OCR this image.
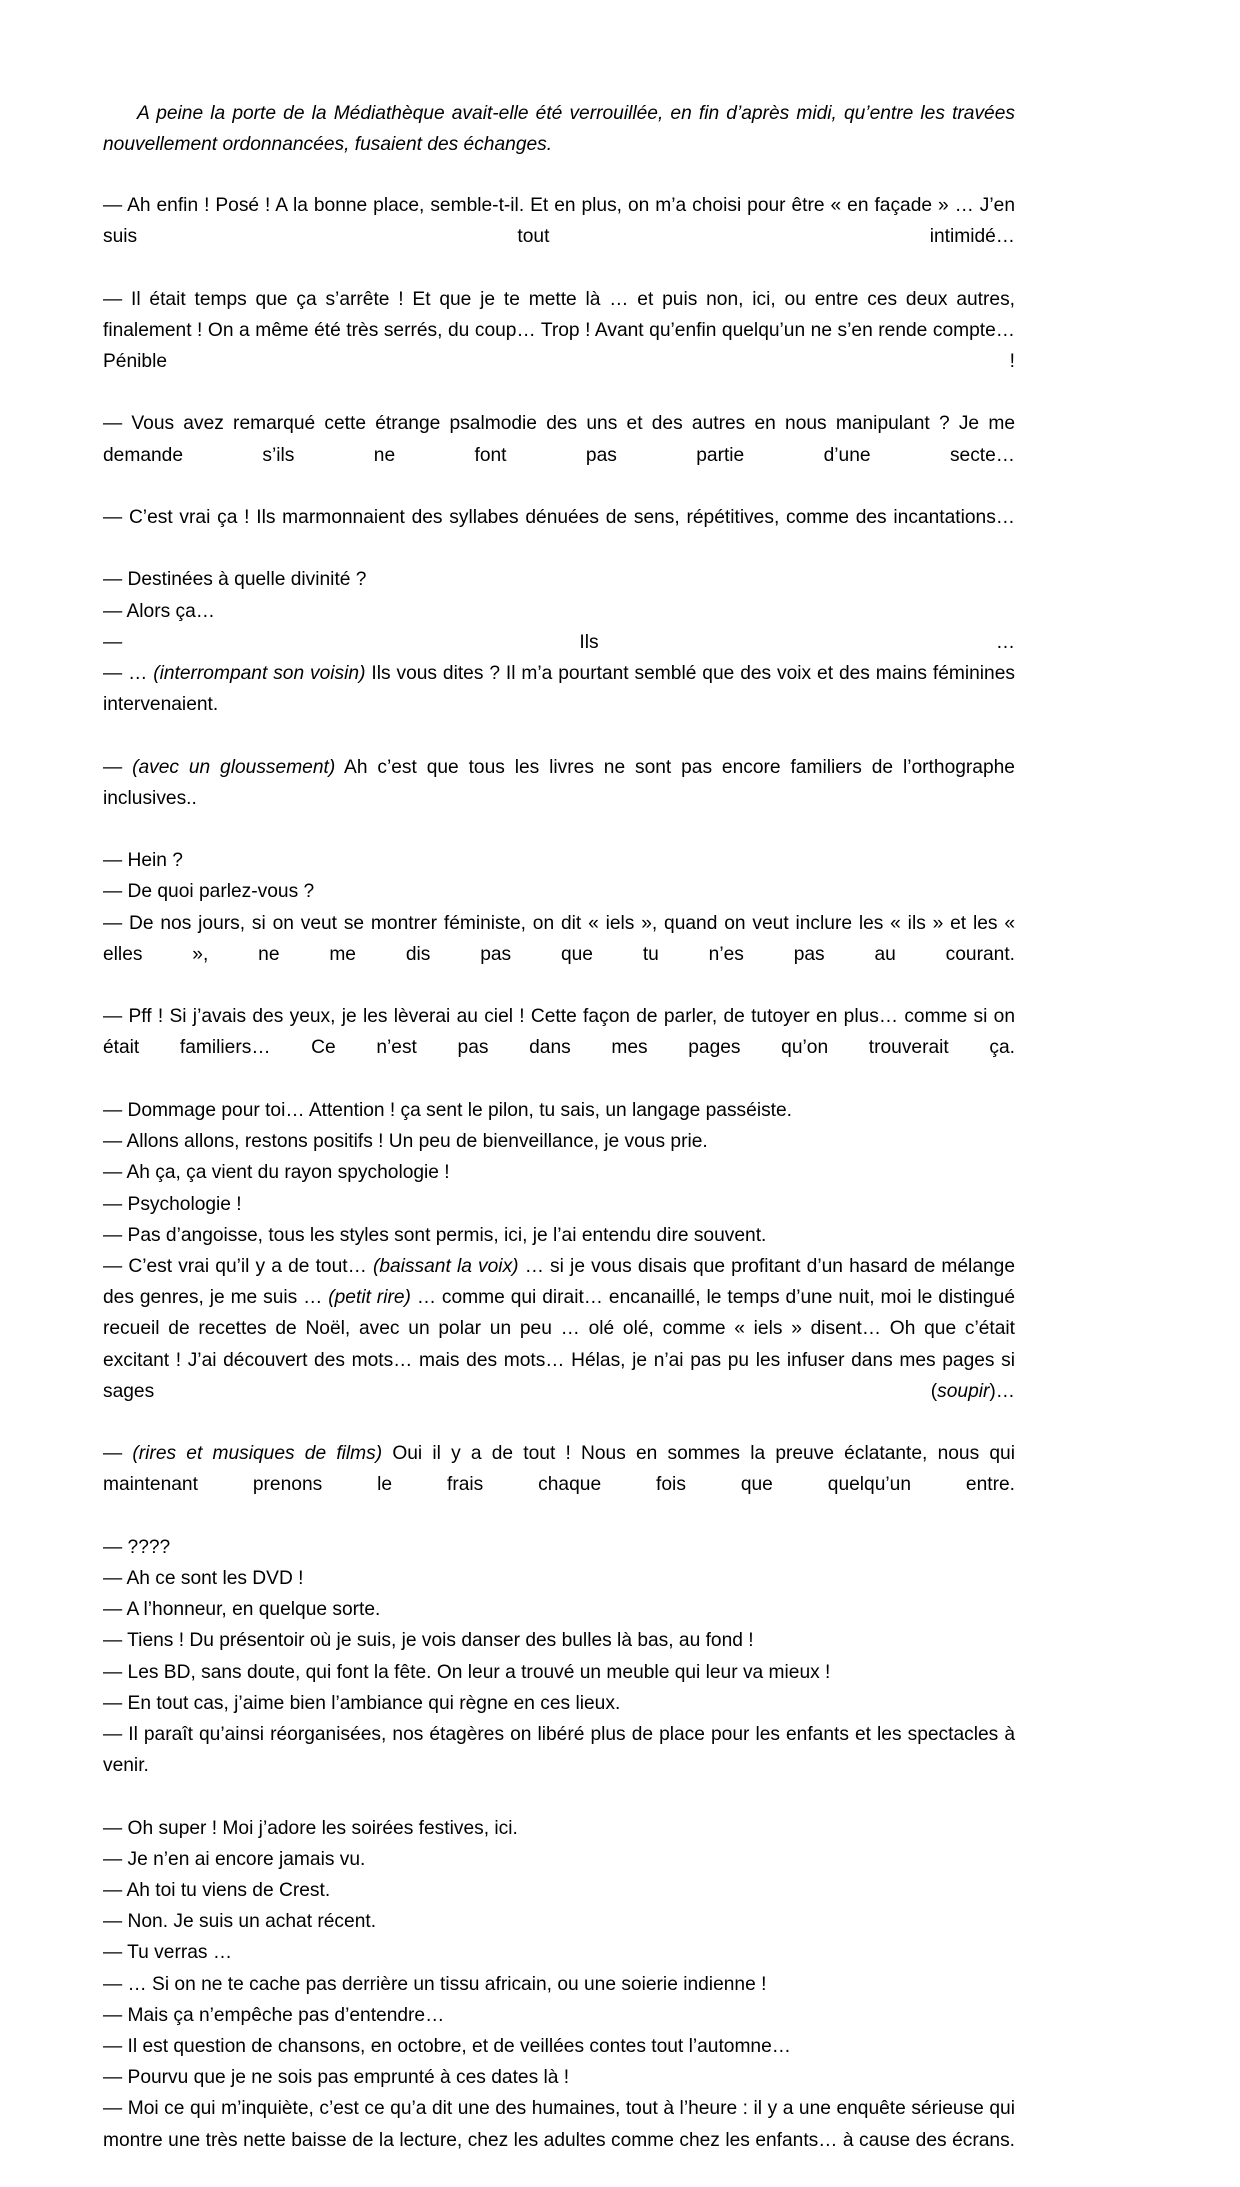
A peine la porte de la Médiathèque avait-elle été verrouillée, en fin d’après midi, qu’entre les travées nouvellement ordonnancées, fusaient des échanges.

— Ah enfin ! Posé ! A la bonne place, semble-t-il. Et en plus, on m’a choisi pour être « en façade » … J’en suis tout intimidé…

— Il était temps que ça s’arrête ! Et que je te mette là … et puis non, ici, ou entre ces deux autres, finalement ! On a même été très serrés, du coup… Trop ! Avant qu’enfin quelqu’un ne s’en rende compte… Pénible !

— Vous avez remarqué cette étrange psalmodie des uns et des autres en nous manipulant ? Je me demande s’ils ne font pas partie d’une secte…

— C’est vrai ça ! Ils marmonnaient des syllabes dénuées de sens, répétitives, comme des incantations…

— Destinées à quelle divinité ?

— Alors ça…

—	Ils	…

— … (interrompant son voisin) Ils vous dites ? Il m’a pourtant semblé que des voix et des mains féminines intervenaient.

— (avec un gloussement) Ah c’est que tous les livres ne sont pas encore familiers de l’orthographe inclusives..

— Hein ?

— De quoi parlez-vous ?

— De nos jours, si on veut se montrer féministe, on dit « iels », quand on veut inclure les « ils » et les « elles », ne me dis pas que tu n’es pas au courant.

— Pff ! Si j’avais des yeux, je les lèverai au ciel ! Cette façon de parler, de tutoyer en plus… comme si on était familiers… Ce n’est pas dans mes pages qu’on trouverait ça.

— Dommage pour toi… Attention ! ça sent le pilon, tu sais, un langage passéiste.

— Allons allons, restons positifs ! Un peu de bienveillance, je vous prie.

— Ah ça, ça vient du rayon spychologie !

— Psychologie !

— Pas d’angoisse, tous les styles sont permis, ici, je l’ai entendu dire souvent.

— C’est vrai qu’il y a de tout… (baissant la voix) … si je vous disais que profitant d’un hasard de mélange des genres, je me suis … (petit rire) … comme qui dirait… encanaillé, le temps d’une nuit, moi le distingué recueil de recettes de Noël, avec un polar un peu … olé olé, comme « iels » disent… Oh que c’était excitant ! J’ai découvert des mots… mais des mots… Hélas, je n’ai pas pu les infuser dans mes pages si sages (soupir)…

— (rires et musiques de films) Oui il y a de tout ! Nous en sommes la preuve éclatante, nous qui maintenant prenons le frais chaque fois que quelqu’un entre.

— ????

— Ah ce sont les DVD !

— A l’honneur, en quelque sorte.

— Tiens ! Du présentoir où je suis, je vois danser des bulles là bas, au fond !

— Les BD, sans doute, qui font la fête. On leur a trouvé un meuble qui leur va mieux !

— En tout cas, j’aime bien l’ambiance qui règne en ces lieux.

— Il paraît qu’ainsi réorganisées, nos étagères on libéré plus de place pour les enfants et les spectacles à venir.

— Oh super ! Moi j’adore les soirées festives, ici.

— Je n’en ai encore jamais vu.

— Ah toi tu viens de Crest.

— Non. Je suis un achat récent.

— Tu verras …

— … Si on ne te cache pas derrière un tissu africain, ou une soierie indienne !

— Mais ça n’empêche pas d’entendre…

— Il est question de chansons, en octobre, et de veillées contes tout l’automne…

— Pourvu que je ne sois pas emprunté à ces dates là !

— Moi ce qui m’inquiète, c’est ce qu’a dit une des humaines, tout à l’heure : il y a une enquête sérieuse qui montre une très nette baisse de la lecture, chez les adultes comme chez les enfants… à cause des écrans.
